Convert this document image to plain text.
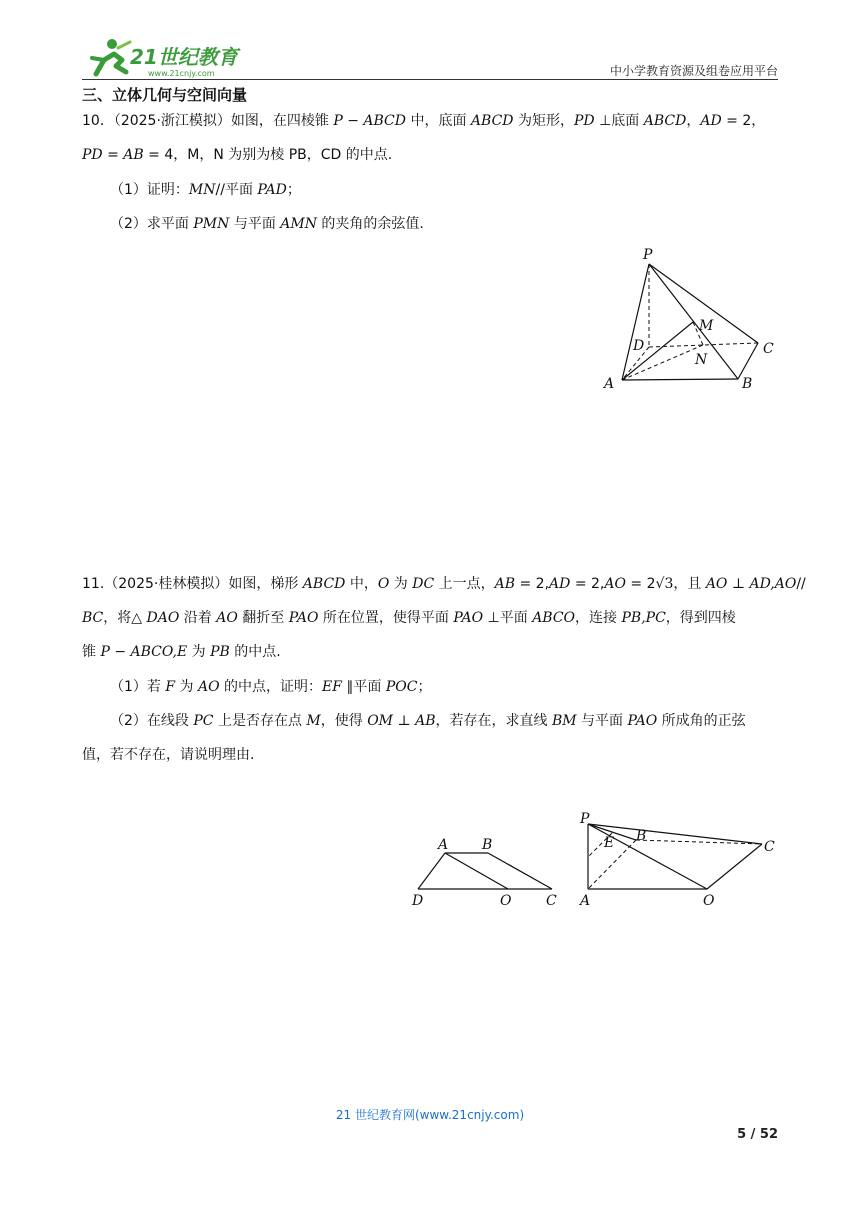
21世纪教育
www.21cnjy.com	中小学教育资源及组卷应用平台
三、立体几何与空间向量
10．（2025·浙江模拟）如图，在四棱锥 P − ABCD 中，底面 ABCD 为矩形，PD ⊥底面 ABCD，AD = 2，
PD = AB = 4，M，N 为别为棱 PB，CD 的中点.
（1）证明：MN//平面 PAD；
（2）求平面 PMN 与平面 AMN 的夹角的余弦值.
P
M
D
N
C
A	B
11.（2025·桂林模拟）如图，梯形 ABCD 中，O 为 DC 上一点，AB = 2,AD = 2,AO = 2√3，且 AO ⊥ AD,AO//
BC，将△ DAO 沿着 AO 翻折至 PAO 所在位置，使得平面 PAO ⊥平面 ABCO，连接 PB,PC，得到四棱
锥 P − ABCO,E 为 PB 的中点.
（1）若 F 为 AO 的中点，证明：EF ∥平面 POC；
（2）在线段 PC 上是否存在点 M，使得 OM ⊥ AB，若存在，求直线 BM 与平面 PAO 所成角的正弦
值，若不存在，请说明理由.
A B
D	O C
P
B
E	C
A	O
21 世纪教育网(www.21cnjy.com)
5 / 52
